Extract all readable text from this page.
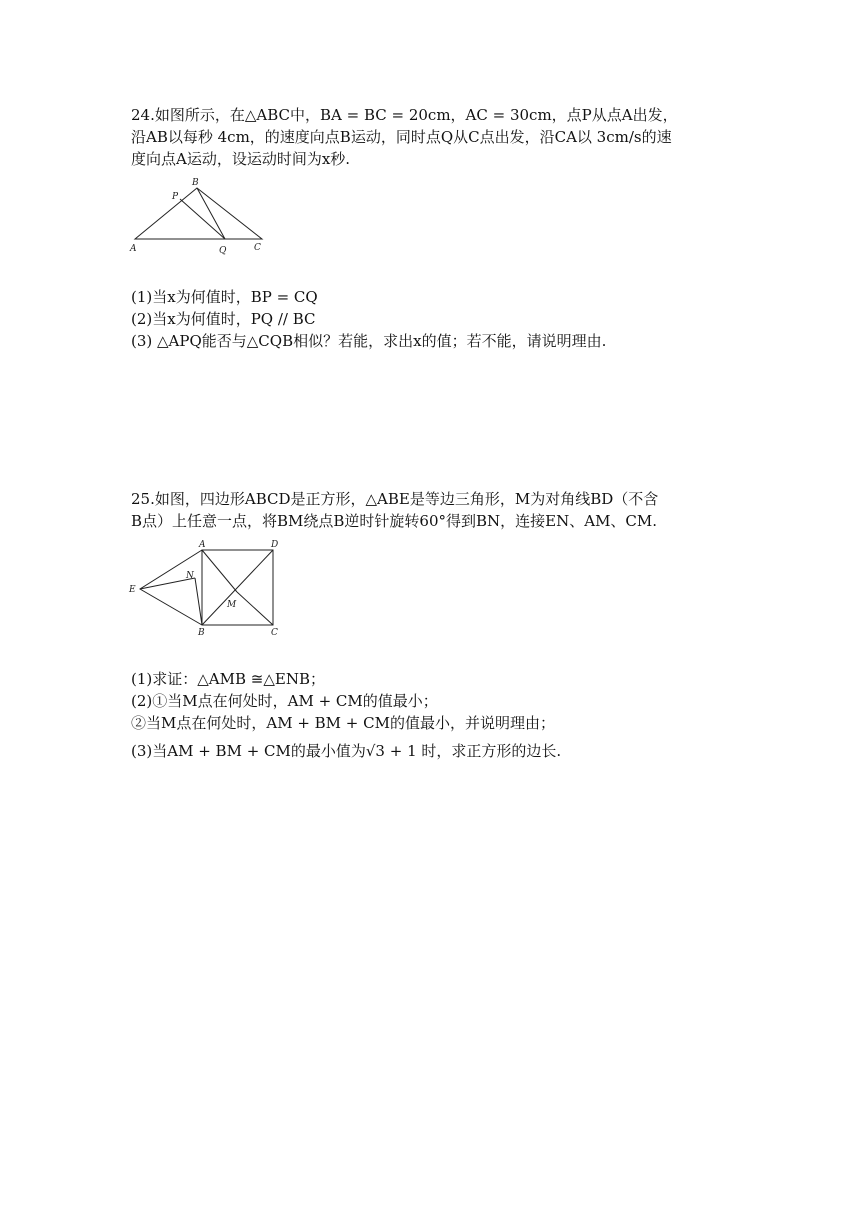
24.如图所示，在△ABC中，BA = BC = 20cm，AC = 30cm，点P从点A出发，
沿AB以每秒 4cm，的速度向点B运动，同时点Q从C点出发，沿CA以 3cm/s的速
度向点A运动，设运动时间为x秒.
A
B
C
P
Q
(1)当x为何值时，BP = CQ
(2)当x为何值时，PQ // BC
(3) △APQ能否与△CQB相似？若能，求出x的值；若不能，请说明理由.
25.如图，四边形ABCD是正方形，△ABE是等边三角形，M为对角线BD（不含
B点）上任意一点，将BM绕点B逆时针旋转60°得到BN，连接EN、AM、CM.
A
B	C
D
E
M
N
(1)求证：△AMB ≅△ENB；
(2)①当M点在何处时，AM + CM的值最小；
②当M点在何处时，AM + BM + CM的值最小，并说明理由；
(3)当AM + BM + CM的最小值为√3 + 1 时，求正方形的边长.
